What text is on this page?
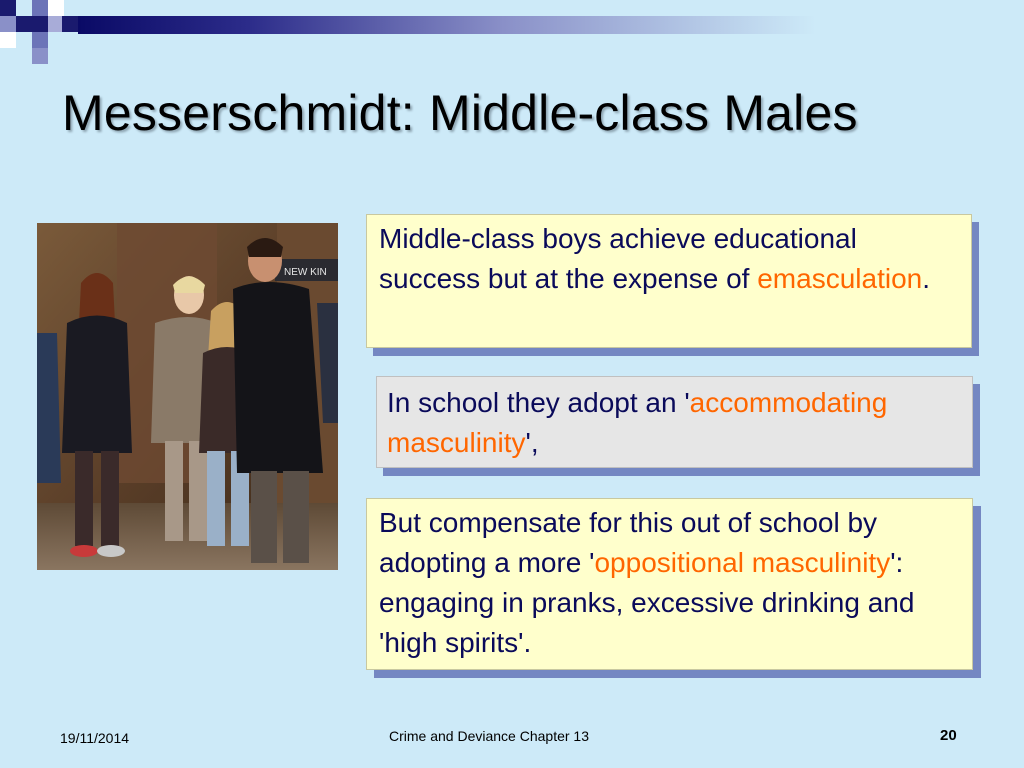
Messerschmidt: Middle-class Males
NEW KIN
Middle-class boys achieve educational success but at the expense of emasculation.
In school they adopt an 'accommodating masculinity',
But compensate for this out of school by adopting a more 'oppositional masculinity': engaging in pranks, excessive drinking and 'high spirits'.
19/11/2014	Crime and Deviance Chapter 13	20
